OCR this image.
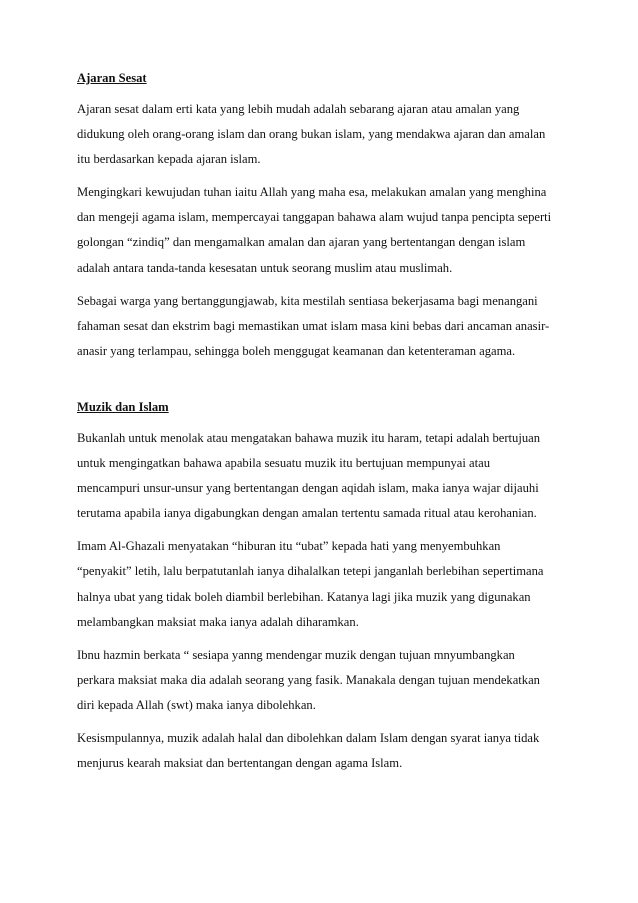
Ajaran Sesat
Ajaran sesat dalam erti kata yang lebih mudah adalah sebarang ajaran atau amalan yang
didukung oleh orang-orang islam dan orang bukan islam, yang mendakwa ajaran dan amalan
itu berdasarkan kepada ajaran islam.
Mengingkari kewujudan tuhan iaitu Allah yang maha esa, melakukan amalan yang menghina
dan mengeji agama islam, mempercayai tanggapan bahawa alam wujud tanpa pencipta seperti
golongan “zindiq” dan mengamalkan amalan dan ajaran yang bertentangan dengan islam
adalah antara tanda-tanda kesesatan untuk seorang muslim atau muslimah.
Sebagai warga yang bertanggungjawab, kita mestilah sentiasa bekerjasama bagi menangani
fahaman sesat dan ekstrim bagi memastikan umat islam masa kini bebas dari ancaman anasir-
anasir yang terlampau, sehingga boleh menggugat keamanan dan ketenteraman agama.
Muzik dan Islam
Bukanlah untuk menolak atau mengatakan bahawa muzik itu haram, tetapi adalah bertujuan
untuk mengingatkan bahawa apabila sesuatu muzik itu bertujuan mempunyai atau
mencampuri unsur-unsur yang bertentangan dengan aqidah islam, maka ianya wajar dijauhi
terutama apabila ianya digabungkan dengan amalan tertentu samada ritual atau kerohanian.
Imam Al-Ghazali menyatakan “hiburan itu “ubat” kepada hati yang menyembuhkan
“penyakit” letih, lalu berpatutanlah ianya dihalalkan tetepi janganlah berlebihan sepertimana
halnya ubat yang tidak boleh diambil berlebihan. Katanya lagi jika muzik yang digunakan
melambangkan maksiat maka ianya adalah diharamkan.
Ibnu hazmin berkata “ sesiapa yanng mendengar muzik dengan tujuan mnyumbangkan
perkara maksiat maka dia adalah seorang yang fasik. Manakala dengan tujuan mendekatkan
diri kepada Allah (swt) maka ianya dibolehkan.
Kesismpulannya, muzik adalah halal dan dibolehkan dalam Islam dengan syarat ianya tidak
menjurus kearah maksiat dan bertentangan dengan agama Islam.
